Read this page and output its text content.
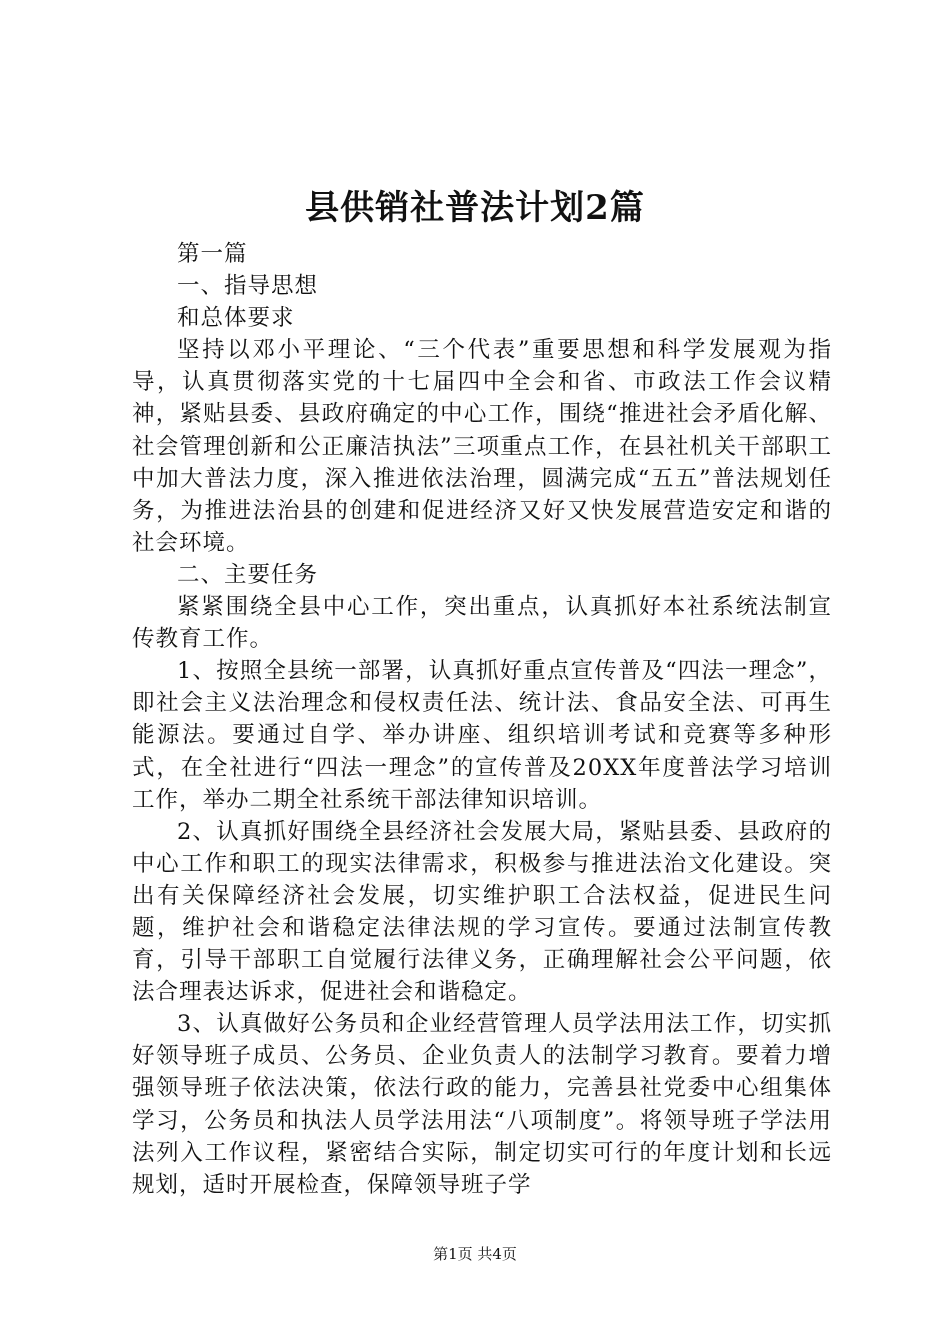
县供销社普法计划2篇

第一篇

一、指导思想

和总体要求

坚持以邓小平理论、“三个代表”重要思想和科学发展观为指导，认真贯彻落实党的十七届四中全会和省、市政法工作会议精神，紧贴县委、县政府确定的中心工作，围绕“推进社会矛盾化解、社会管理创新和公正廉洁执法”三项重点工作，在县社机关干部职工中加大普法力度，深入推进依法治理，圆满完成“五五”普法规划任务，为推进法治县的创建和促进经济又好又快发展营造安定和谐的社会环境。

二、主要任务

紧紧围绕全县中心工作，突出重点，认真抓好本社系统法制宣传教育工作。

1、按照全县统一部署，认真抓好重点宣传普及“四法一理念”，即社会主义法治理念和侵权责任法、统计法、食品安全法、可再生能源法。要通过自学、举办讲座、组织培训考试和竞赛等多种形式，在全社进行“四法一理念”的宣传普及20XX年度普法学习培训工作，举办二期全社系统干部法律知识培训。

2、认真抓好围绕全县经济社会发展大局，紧贴县委、县政府的中心工作和职工的现实法律需求，积极参与推进法治文化建设。突出有关保障经济社会发展，切实维护职工合法权益，促进民生问题，维护社会和谐稳定法律法规的学习宣传。要通过法制宣传教育，引导干部职工自觉履行法律义务，正确理解社会公平问题，依法合理表达诉求，促进社会和谐稳定。

3、认真做好公务员和企业经营管理人员学法用法工作，切实抓好领导班子成员、公务员、企业负责人的法制学习教育。要着力增强领导班子依法决策，依法行政的能力，完善县社党委中心组集体学习，公务员和执法人员学法用法“八项制度”。将领导班子学法用法列入工作议程，紧密结合实际，制定切实可行的年度计划和长远规划，适时开展检查，保障领导班子学

第1页 共4页
